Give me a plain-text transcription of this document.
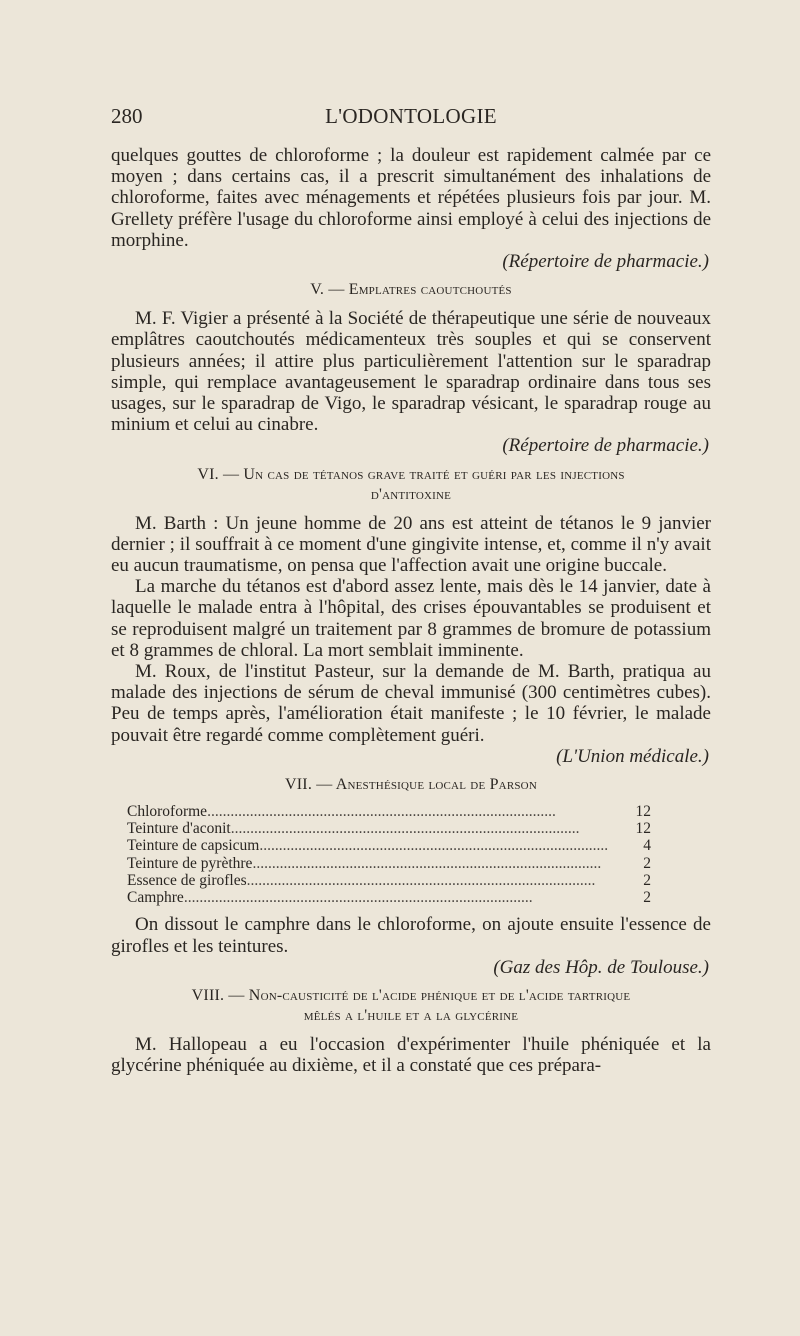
280	L'ODONTOLOGIE

quelques gouttes de chloroforme ; la douleur est rapidement calmée par ce moyen ; dans certains cas, il a prescrit simultanément des inhalations de chloroforme, faites avec ménagements et répétées plusieurs fois par jour. M. Grellety préfère l'usage du chloroforme ainsi employé à celui des injections de morphine.

(Répertoire de pharmacie.)

V. — Emplatres caoutchoutés

M. F. Vigier a présenté à la Société de thérapeutique une série de nouveaux emplâtres caoutchoutés médicamenteux très souples et qui se conservent plusieurs années; il attire plus particulièrement l'attention sur le sparadrap simple, qui remplace avantageusement le sparadrap ordinaire dans tous ses usages, sur le sparadrap de Vigo, le sparadrap vésicant, le sparadrap rouge au minium et celui au cinabre.

(Répertoire de pharmacie.)

VI. — Un cas de tétanos grave traité et guéri par les injections
d'antitoxine

M. Barth : Un jeune homme de 20 ans est atteint de tétanos le 9 janvier dernier ; il souffrait à ce moment d'une gingivite intense, et, comme il n'y avait eu aucun traumatisme, on pensa que l'affection avait une origine buccale.

La marche du tétanos est d'abord assez lente, mais dès le 14 janvier, date à laquelle le malade entra à l'hôpital, des crises épouvantables se produisent et se reproduisent malgré un traitement par 8 grammes de bromure de potassium et 8 grammes de chloral. La mort semblait imminente.

M. Roux, de l'institut Pasteur, sur la demande de M. Barth, pratiqua au malade des injections de sérum de cheval immunisé (300 centimètres cubes). Peu de temps après, l'amélioration était manifeste ; le 10 février, le malade pouvait être regardé comme complètement guéri.

(L'Union médicale.)

VII. — Anesthésique local de Parson
Chloroforme..........................................................................................	12
Teinture d'aconit..........................................................................................	12
Teinture de capsicum..........................................................................................	4
Teinture de pyrèthre..........................................................................................	2
Essence de girofles..........................................................................................	2
Camphre..........................................................................................	2

On dissout le camphre dans le chloroforme, on ajoute ensuite l'essence de girofles et les teintures.

(Gaz des Hôp. de Toulouse.)

VIII. — Non-causticité de l'acide phénique et de l'acide tartrique
mêlés a l'huile et a la glycérine

M. Hallopeau a eu l'occasion d'expérimenter l'huile phéniquée et la glycérine phéniquée au dixième, et il a constaté que ces prépara-
